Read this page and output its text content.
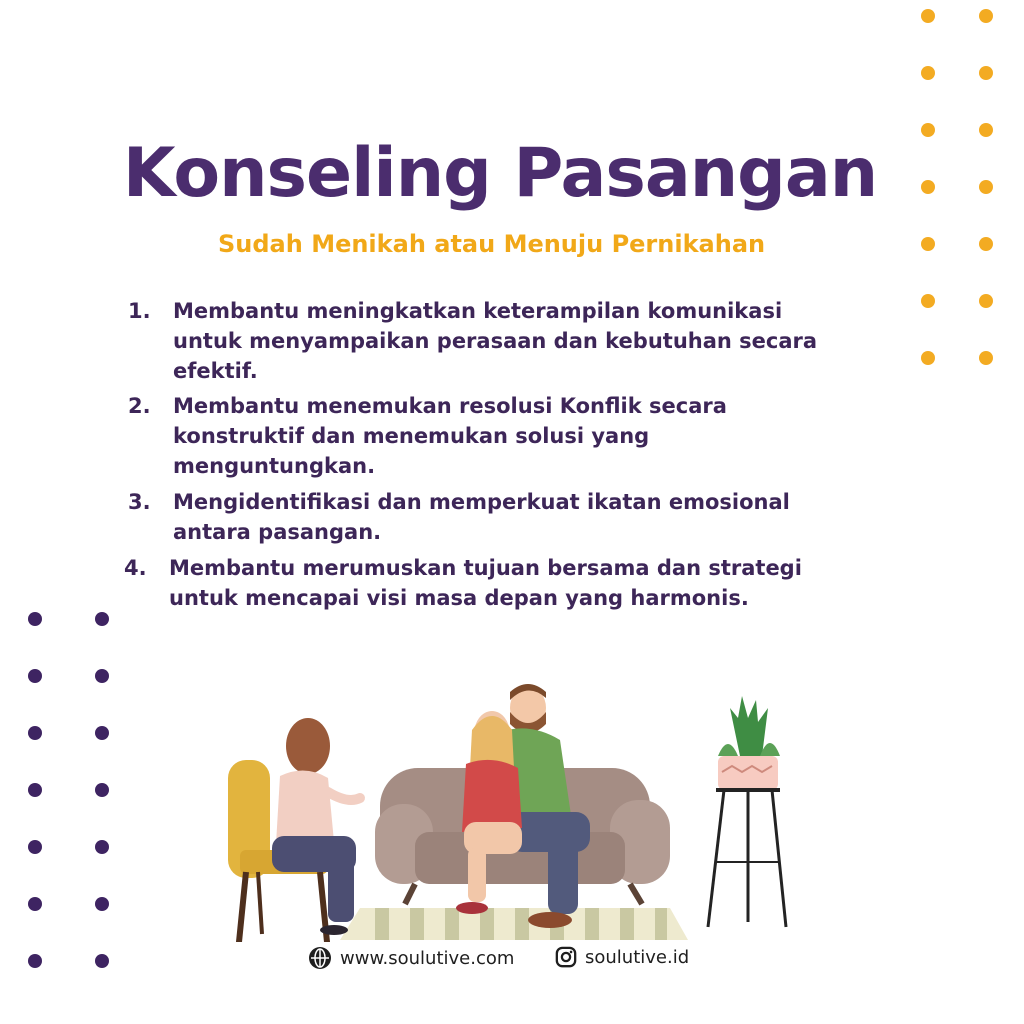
Konseling Pasangan

Sudah Menikah atau Menuju Pernikahan

1.	Membantu meningkatkan keterampilan komunikasi
untuk menyampaikan perasaan dan kebutuhan secara
efektif.
2.	Membantu menemukan resolusi Konflik secara
konstruktif dan menemukan solusi yang
menguntungkan.
3.	Mengidentifikasi dan memperkuat ikatan emosional
antara pasangan.
4.	Membantu merumuskan tujuan bersama dan strategi
untuk mencapai visi masa depan yang harmonis.
www.soulutive.com	soulutive.id
